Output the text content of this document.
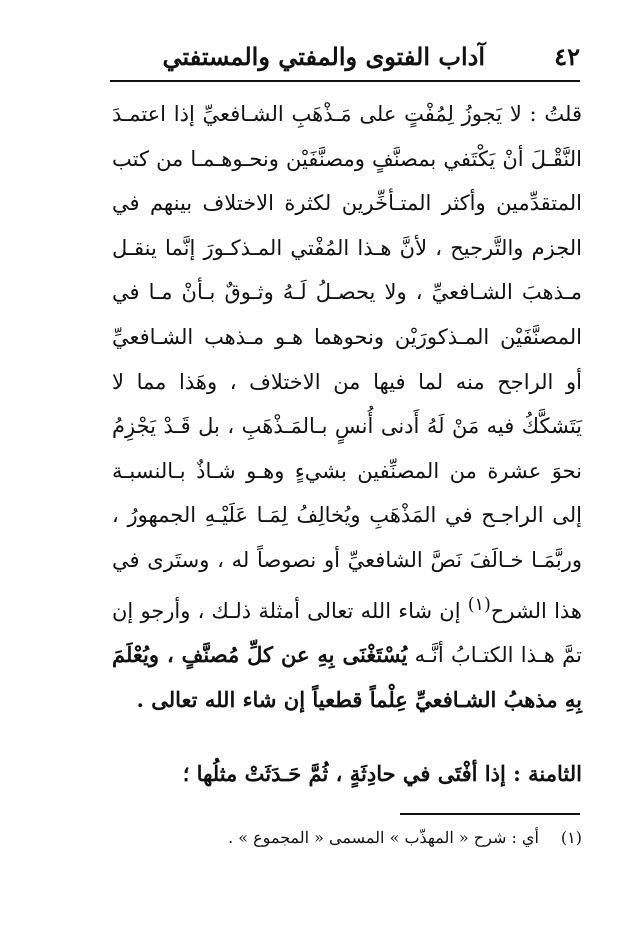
٤٢
آداب الفتوى والمفتي والمستفتي

قلتُ : لا يَجوزُ لِمُفْتٍ على مَـذْهَبِ الشـافعيِّ إذا اعتمـدَ النَّقْـلَ أنْ يَكْتَفي بمصنَّفٍ ومصنَّفَيْن ونحـوهـمـا من كتب المتقدِّمين وأكثر المتـأخِّرين لكثرة الاختلاف بينهم في الجزم والتَّرجيح ، لأنَّ هـذا المُفْتي المـذكـورَ إنَّما ينقـل مـذهبَ الشـافعيِّ ، ولا يحصـلُ لَـهُ وثـوقٌ بـأنْ مـا في المصنَّفَيْن المـذكورَيْن ونحوهما هـو مـذهب الشـافعيِّ أو الراجح منه لما فيها من الاختلاف ، وهَذا مما لا يَتَشكَّكُ فيه مَنْ لَهُ أَدنى أُنسٍ بـالمَـذْهَبِ ، بل قَـدْ يَجْزِمُ نحوَ عشرة من المصنِّفين بشيءٍ وهـو شـاذٌ بـالنسبـة إلى الراجـح في المَذْهَبِ ويُخالِفُ لِمَـا عَلَيْـهِ الجمهورُ ، وربَّمَـا خـالَفَ نَصَّ الشافعيِّ أو نصوصاً له ، وستَرى في هذا الشرح$^{(١)}$ إن شاء الله تعالى أمثلة ذلـك ، وأرجو إن تمَّ هـذا الكتـابُ أنَّـه يُسْتَغْنَى بِهِ عن كلِّ مُصنَّفٍ ، ويُعْلَمَ بِهِ مذهبُ الشـافعيِّ عِلْماً قطعياً إن شاء الله تعالى .

الثامنة : إذا أفْتَى في حادِثَةٍ ، ثُمَّ حَـدَثَتْ مثلُها ؛

(١)أي : شرح « المهذّب » المسمى « المجموع » .
